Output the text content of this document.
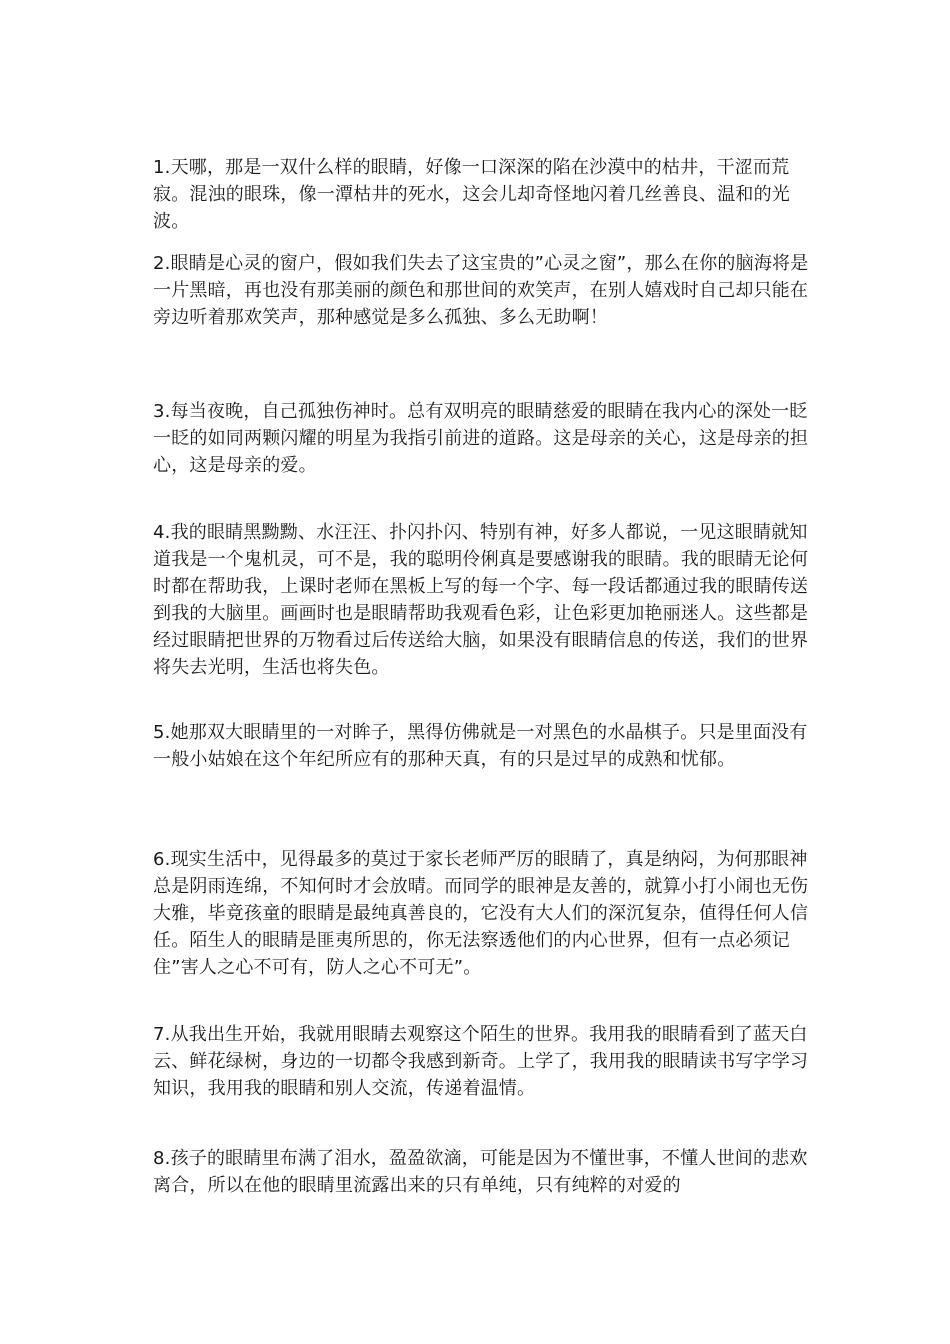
1.天哪，那是一双什么样的眼睛，好像一口深深的陷在沙漠中的枯井，干涩而荒寂。混浊的眼珠，像一潭枯井的死水，这会儿却奇怪地闪着几丝善良、温和的光波。

2.眼睛是心灵的窗户，假如我们失去了这宝贵的”心灵之窗”，那么在你的脑海将是一片黑暗，再也没有那美丽的颜色和那世间的欢笑声，在别人嬉戏时自己却只能在旁边听着那欢笑声，那种感觉是多么孤独、多么无助啊！

3.每当夜晚，自己孤独伤神时。总有双明亮的眼睛慈爱的眼睛在我内心的深处一眨一眨的如同两颗闪耀的明星为我指引前进的道路。这是母亲的关心，这是母亲的担心，这是母亲的爱。

4.我的眼睛黑黝黝、水汪汪、扑闪扑闪、特别有神，好多人都说，一见这眼睛就知道我是一个鬼机灵，可不是，我的聪明伶俐真是要感谢我的眼睛。我的眼睛无论何时都在帮助我，上课时老师在黑板上写的每一个字、每一段话都通过我的眼睛传送到我的大脑里。画画时也是眼睛帮助我观看色彩，让色彩更加艳丽迷人。这些都是经过眼睛把世界的万物看过后传送给大脑，如果没有眼睛信息的传送，我们的世界将失去光明，生活也将失色。

5.她那双大眼睛里的一对眸子，黑得仿佛就是一对黑色的水晶棋子。只是里面没有一般小姑娘在这个年纪所应有的那种天真，有的只是过早的成熟和忧郁。

6.现实生活中，见得最多的莫过于家长老师严厉的眼睛了，真是纳闷，为何那眼神总是阴雨连绵，不知何时才会放晴。而同学的眼神是友善的，就算小打小闹也无伤大雅，毕竟孩童的眼睛是最纯真善良的，它没有大人们的深沉复杂，值得任何人信任。陌生人的眼睛是匪夷所思的，你无法察透他们的内心世界，但有一点必须记住”害人之心不可有，防人之心不可无”。

7.从我出生开始，我就用眼睛去观察这个陌生的世界。我用我的眼睛看到了蓝天白云、鲜花绿树，身边的一切都令我感到新奇。上学了，我用我的眼睛读书写字学习知识，我用我的眼睛和别人交流，传递着温情。

8.孩子的眼睛里布满了泪水，盈盈欲滴，可能是因为不懂世事，不懂人世间的悲欢离合，所以在他的眼睛里流露出来的只有单纯，只有纯粹的对爱的
